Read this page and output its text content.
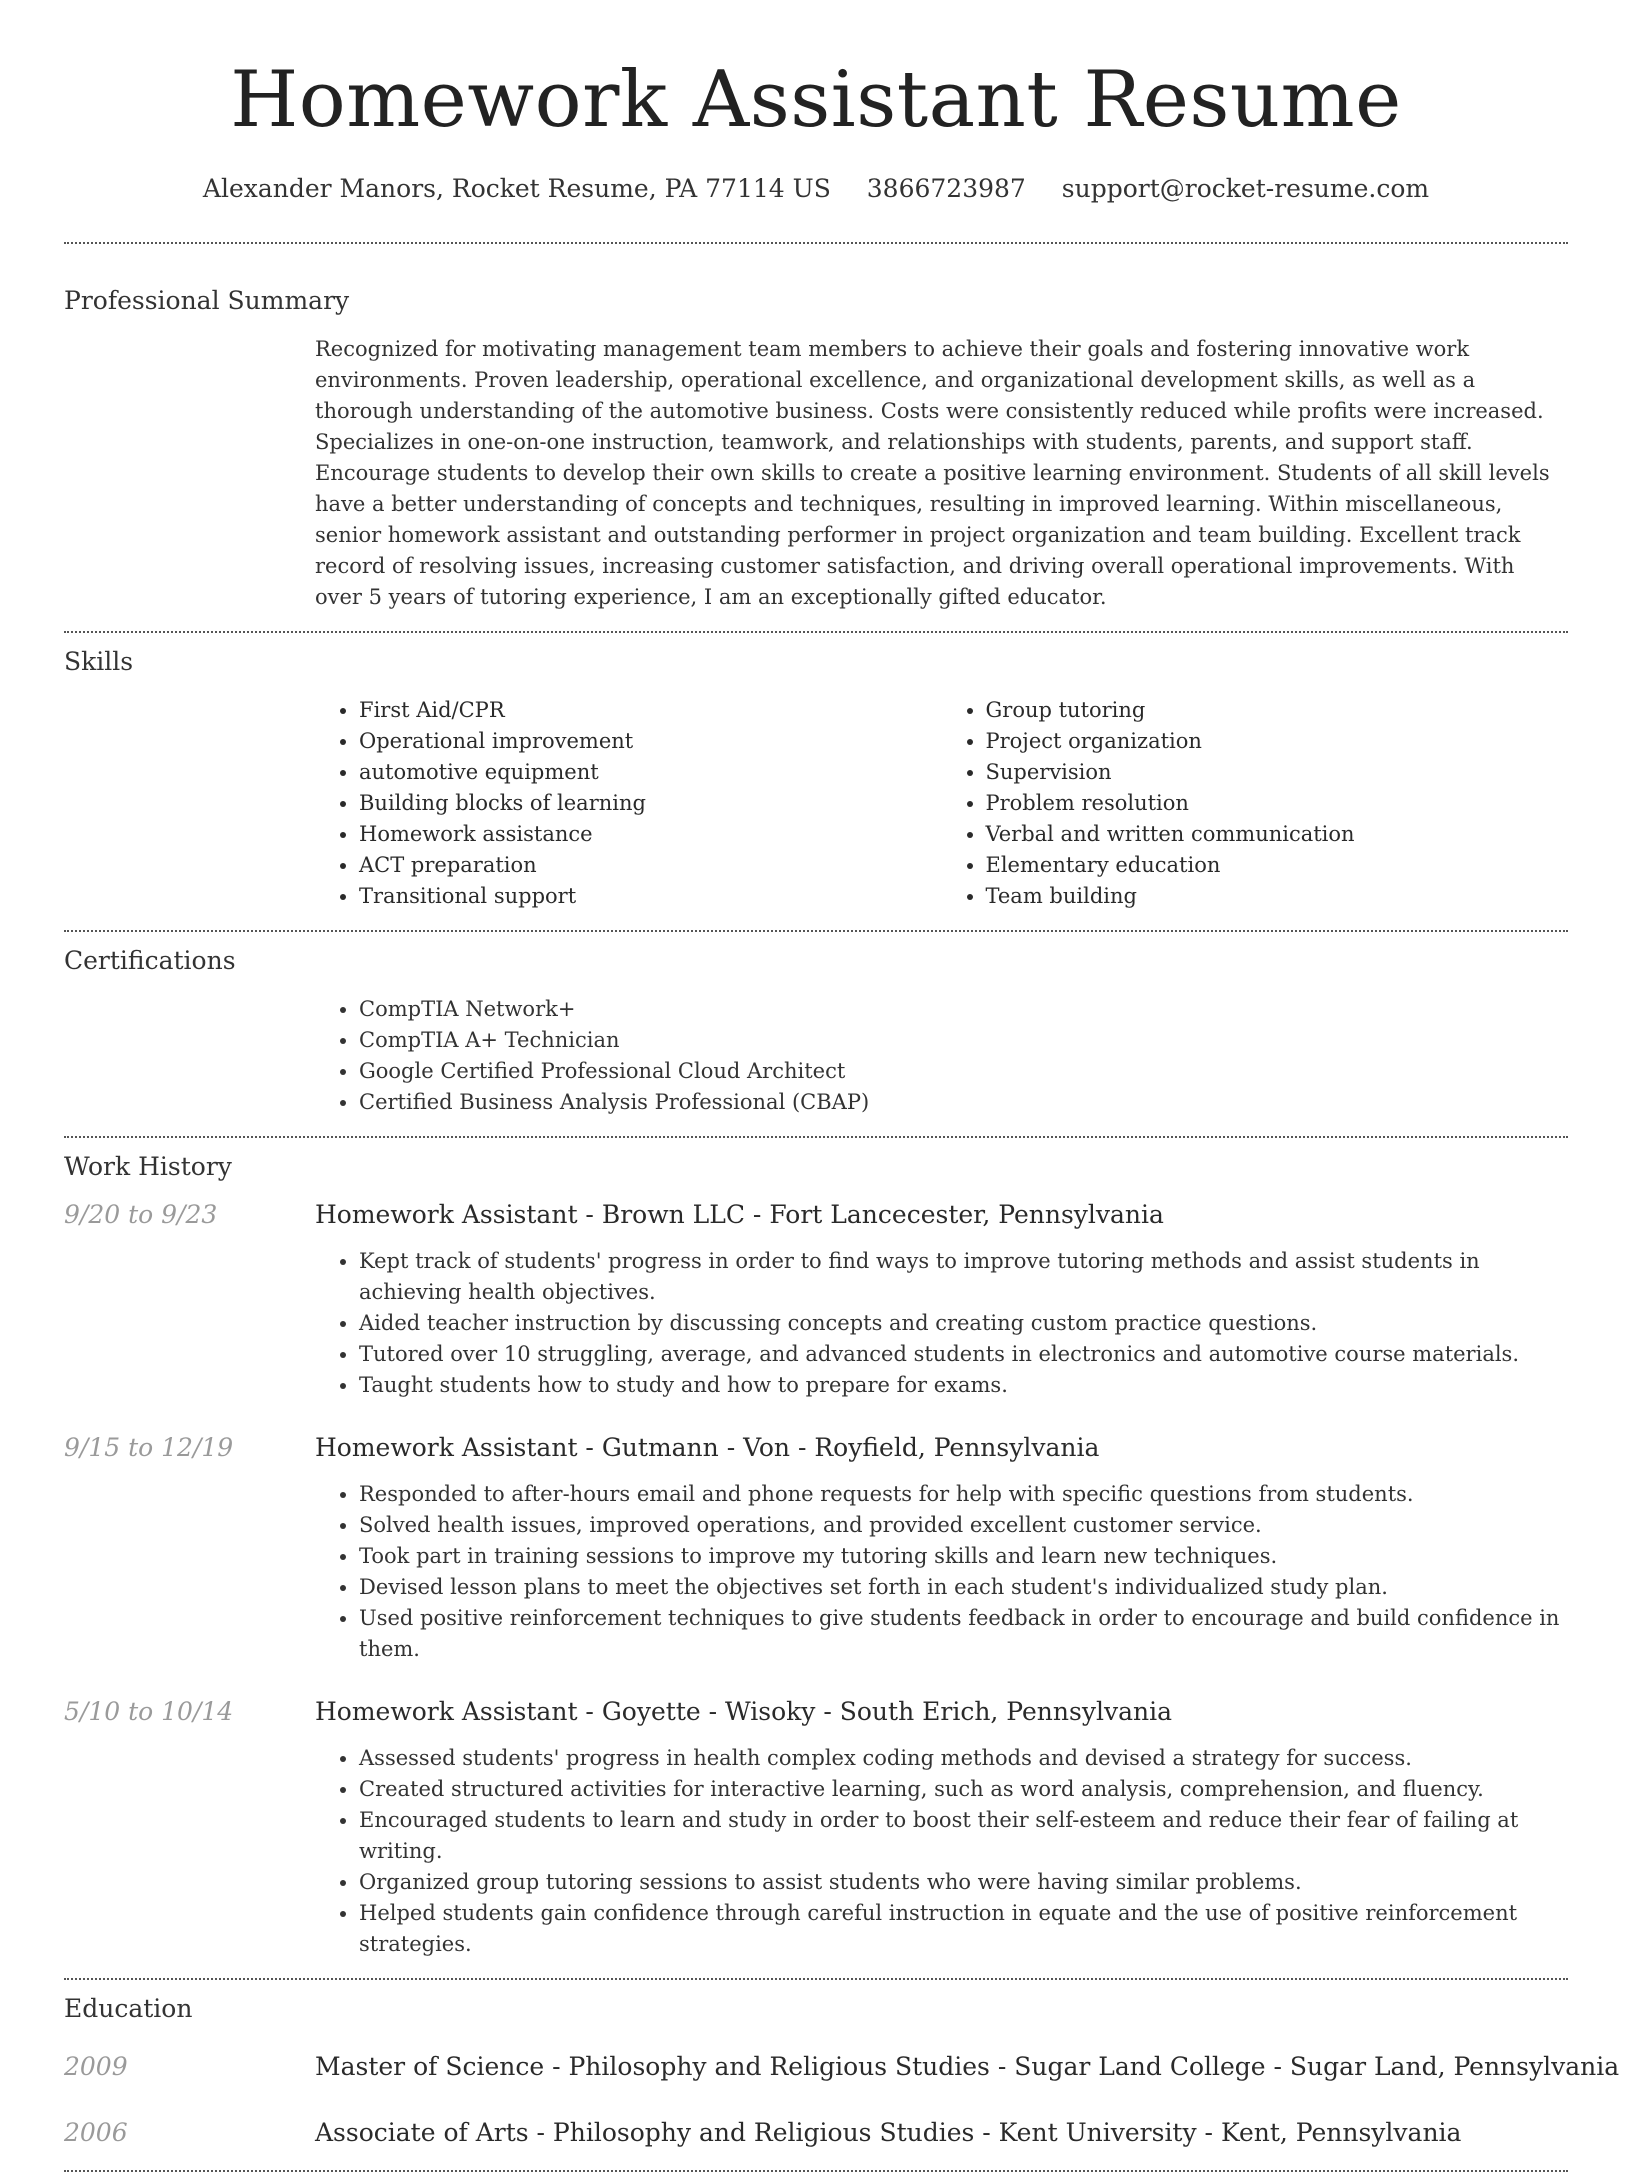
Homework Assistant Resume
Alexander Manors, Rocket Resume, PA 77114 US 3866723987 support@rocket-resume.com
Professional Summary

Recognized for motivating management team members to achieve their goals and fostering innovative work environments. Proven leadership, operational excellence, and organizational development skills, as well as a thorough understanding of the automotive business. Costs were consistently reduced while profits were increased. Specializes in one-on-one instruction, teamwork, and relationships with students, parents, and support staff. Encourage students to develop their own skills to create a positive learning environment. Students of all skill levels have a better understanding of concepts and techniques, resulting in improved learning. Within miscellaneous, senior homework assistant and outstanding performer in project organization and team building. Excellent track record of resolving issues, increasing customer satisfaction, and driving overall operational improvements. With over 5 years of tutoring experience, I am an exceptionally gifted educator.

Skills
• First Aid/CPR
• Operational improvement
• automotive equipment
• Building blocks of learning
• Homework assistance
• ACT preparation
• Transitional support
• Group tutoring
• Project organization
• Supervision
• Problem resolution
• Verbal and written communication
• Elementary education
• Team building
Certifications
• CompTIA Network+
• CompTIA A+ Technician
• Google Certified Professional Cloud Architect
• Certified Business Analysis Professional (CBAP)
Work History
9/20 to 9/23	Homework Assistant - Brown LLC - Fort Lancecester, Pennsylvania
• Kept track of students' progress in order to find ways to improve tutoring methods and assist students in achieving health objectives.
• Aided teacher instruction by discussing concepts and creating custom practice questions.
• Tutored over 10 struggling, average, and advanced students in electronics and automotive course materials.
• Taught students how to study and how to prepare for exams.
9/15 to 12/19	Homework Assistant - Gutmann - Von - Royfield, Pennsylvania
• Responded to after-hours email and phone requests for help with specific questions from students.
• Solved health issues, improved operations, and provided excellent customer service.
• Took part in training sessions to improve my tutoring skills and learn new techniques.
• Devised lesson plans to meet the objectives set forth in each student's individualized study plan.
• Used positive reinforcement techniques to give students feedback in order to encourage and build confidence in them.
5/10 to 10/14	Homework Assistant - Goyette - Wisoky - South Erich, Pennsylvania
• Assessed students' progress in health complex coding methods and devised a strategy for success.
• Created structured activities for interactive learning, such as word analysis, comprehension, and fluency.
• Encouraged students to learn and study in order to boost their self-esteem and reduce their fear of failing at writing.
• Organized group tutoring sessions to assist students who were having similar problems.
• Helped students gain confidence through careful instruction in equate and the use of positive reinforcement strategies.
Education
2009	Master of Science - Philosophy and Religious Studies - Sugar Land College - Sugar Land, Pennsylvania
2006	Associate of Arts - Philosophy and Religious Studies - Kent University - Kent, Pennsylvania
